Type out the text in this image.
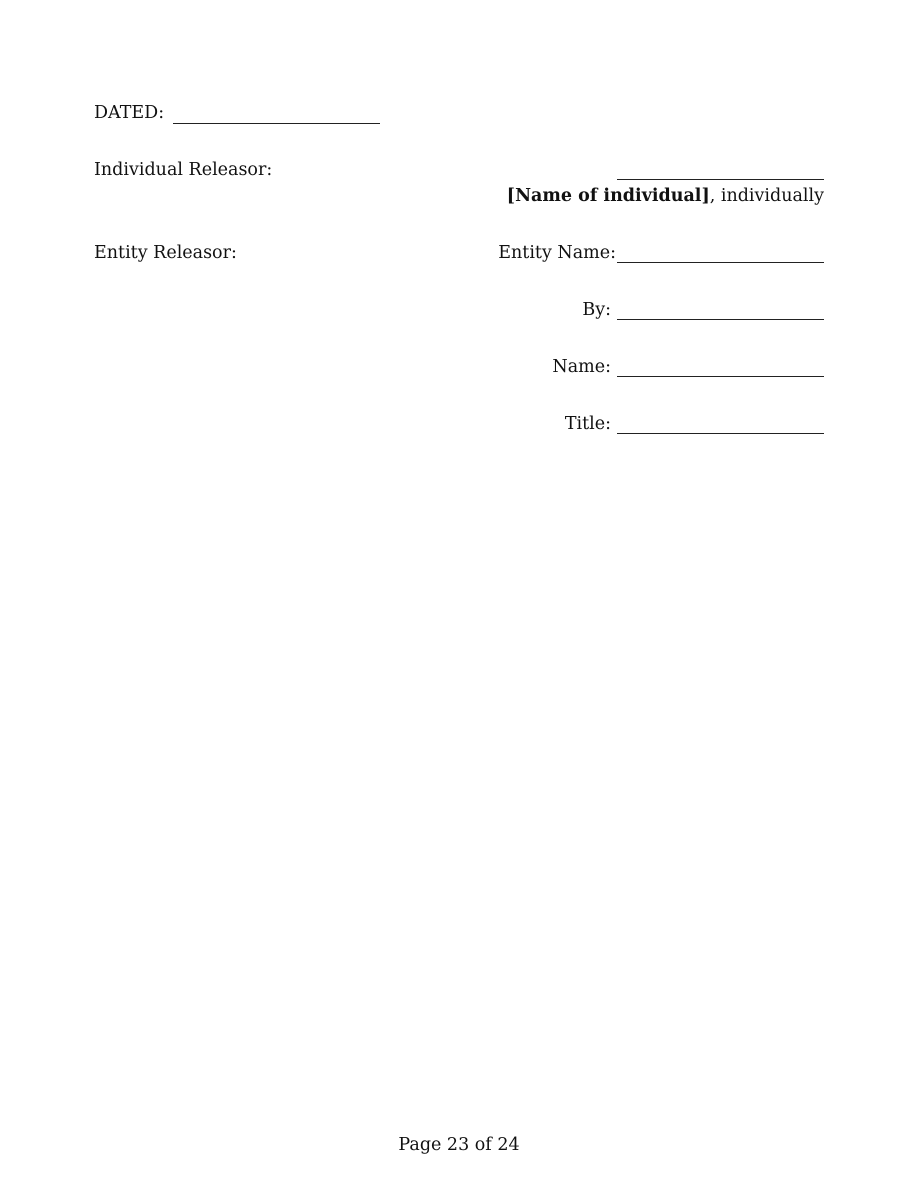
DATED:
Individual Releasor:
[Name of individual], individually
Entity Releasor:	Entity Name:
By:
Name:
Title:
Page 23 of 24
